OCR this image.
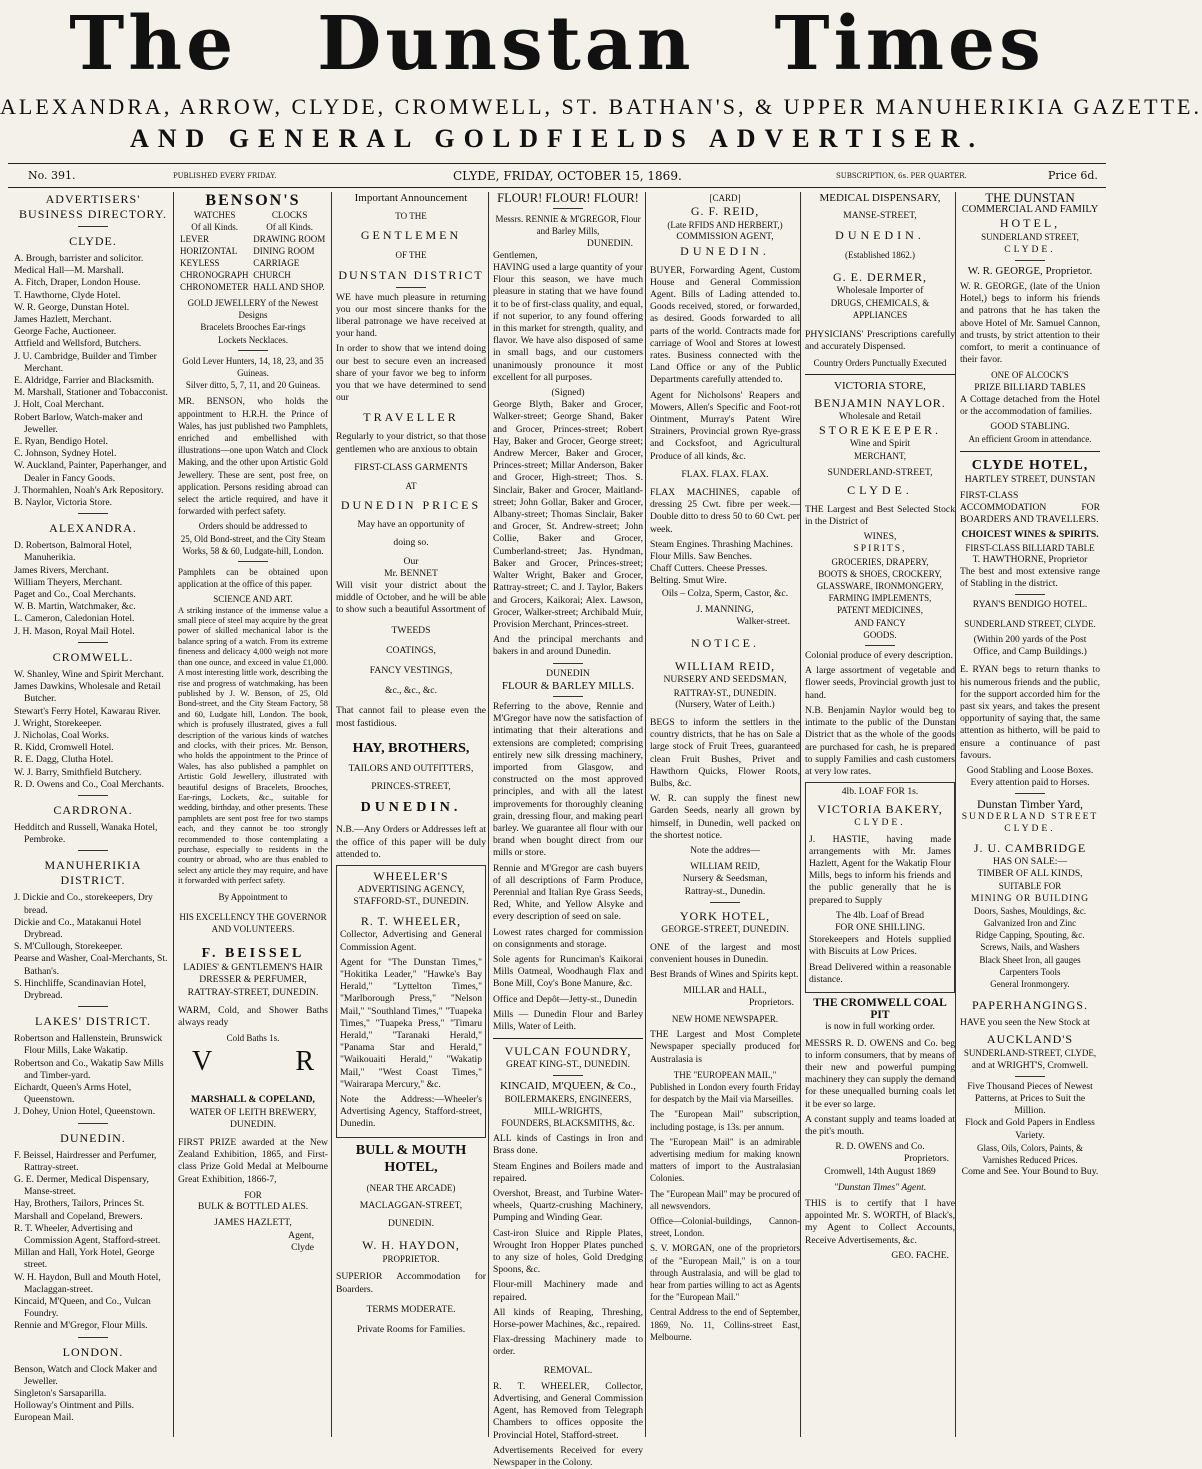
The Dunstan Times
ALEXANDRA, ARROW, CLYDE, CROMWELL, ST. BATHAN'S, & UPPER MANUHERIKIA GAZETTE.
AND GENERAL GOLDFIELDS ADVERTISER.
No. 391.	PUBLISHED EVERY FRIDAY.	CLYDE, FRIDAY, OCTOBER 15, 1869.	SUBSCRIPTION, 6s. PER QUARTER.	Price 6d.
ADVERTISERS'
BUSINESS DIRECTORY.
CLYDE.
A. Brough, barrister and solicitor.
Medical Hall—M. Marshall.
A. Fitch, Draper, London House.
T. Hawthorne, Clyde Hotel.
W. R. George, Dunstan Hotel.
James Hazlett, Merchant.
George Fache, Auctioneer.
Attfield and Wellsford, Butchers.
J. U. Cambridge, Builder and Timber Merchant.
E. Aldridge, Farrier and Blacksmith.
M. Marshall, Stationer and Tobacconist.
J. Holt, Coal Merchant.
Robert Barlow, Watch-maker and Jeweller.
E. Ryan, Bendigo Hotel.
C. Johnson, Sydney Hotel.
W. Auckland, Painter, Paperhanger, and Dealer in Fancy Goods.
J. Thormahlen, Noah's Ark Repository.
B. Naylor, Victoria Store.
ALEXANDRA.
D. Robertson, Balmoral Hotel, Manuherikia.
James Rivers, Merchant.
William Theyers, Merchant.
Paget and Co., Coal Merchants.
W. B. Martin, Watchmaker, &c.
L. Cameron, Caledonian Hotel.
J. H. Mason, Royal Mail Hotel.
CROMWELL.
W. Shanley, Wine and Spirit Merchant.
James Dawkins, Wholesale and Retail Butcher.
Stewart's Ferry Hotel, Kawarau River.
J. Wright, Storekeeper.
J. Nicholas, Coal Works.
R. Kidd, Cromwell Hotel.
R. E. Dagg, Clutha Hotel.
W. J. Barry, Smithfield Butchery.
R. D. Owens and Co., Coal Merchants.
CARDRONA.
Hedditch and Russell, Wanaka Hotel, Pembroke.
MANUHERIKIA DISTRICT.
J. Dickie and Co., storekeepers, Dry bread.
Dickie and Co., Matakanui Hotel Drybread.
S. M'Cullough, Storekeeper.
Pearse and Washer, Coal-Merchants, St. Bathan's.
S. Hinchliffe, Scandinavian Hotel, Drybread.
LAKES' DISTRICT.
Robertson and Hallenstein, Brunswick Flour Mills, Lake Wakatip.
Robertson and Co., Wakatip Saw Mills and Timber-yard.
Eichardt, Queen's Arms Hotel, Queenstown.
J. Dohey, Union Hotel, Queenstown.
DUNEDIN.
F. Beissel, Hairdresser and Perfumer, Rattray-street.
G. E. Dermer, Medical Dispensary, Manse-street.
Hay, Brothers, Tailors, Princes St.
Marshall and Copeland, Brewers.
R. T. Wheeler, Advertising and Commission Agent, Stafford-street.
Millan and Hall, York Hotel, George street.
W. H. Haydon, Bull and Mouth Hotel, Maclaggan-street.
Kincaid, M'Queen, and Co., Vulcan Foundry.
Rennie and M'Gregor, Flour Mills.
LONDON.
Benson, Watch and Clock Maker and Jeweller.
Singleton's Sarsaparilla.
Holloway's Ointment and Pills.
European Mail.
BENSON'S
WATCHES	CLOCKS
Of all Kinds.	Of all Kinds.
LEVER	DRAWING ROOM
HORIZONTAL	DINING ROOM
KEYLESS	CARRIAGE
CHRONOGRAPH	CHURCH
CHRONOMETER	HALL AND SHOP.
GOLD JEWELLERY of the Newest Designs
Bracelets Brooches Ear-rings
Lockets Necklaces.
Gold Lever Hunters, 14, 18, 23, and 35 Guineas.
Silver ditto, 5, 7, 11, and 20 Guineas.

MR. BENSON, who holds the appointment to H.R.H. the Prince of Wales, has just published two Pamphlets, enriched and embellished with illustrations—one upon Watch and Clock Making, and the other upon Artistic Gold Jewellery. These are sent, post free, on application. Persons residing abroad can select the article required, and have it forwarded with perfect safety.

Orders should be addressed to
25, Old Bond-street, and the City Steam Works, 58 & 60, Ludgate-hill, London.

Pamphlets can be obtained upon application at the office of this paper.

SCIENCE AND ART.

A striking instance of the immense value a small piece of steel may acquire by the great power of skilled mechanical labor is the balance spring of a watch. From its extreme fineness and delicacy 4,000 weigh not more than one ounce, and exceed in value £1,000. A most interesting little work, describing the rise and progress of watchmaking, has been published by J. W. Benson, of 25, Old Bond-street, and the City Steam Factory, 58 and 60, Ludgate hill, London. The book, which is profusely illustrated, gives a full description of the various kinds of watches and clocks, with their prices. Mr. Benson, who holds the appointment to the Prince of Wales, has also published a pamphlet on Artistic Gold Jewellery, illustrated with beautiful designs of Bracelets, Brooches, Ear-rings, Lockets, &c., suitable for wedding, birthday, and other presents. These pamphlets are sent post free for two stamps each, and they cannot be too strongly recommended to those contemplating a purchase, especially to residents in the country or abroad, who are thus enabled to select any article they may require, and have it forwarded with perfect safety.

By Appointment to
HIS EXCELLENCY THE GOVERNOR
AND VOLUNTEERS.
F. BEISSEL
LADIES' & GENTLEMEN'S HAIR
DRESSER & PERFUMER,
RATTRAY-STREET, DUNEDIN.

WARM, Cold, and Shower Baths always ready

Cold Baths 1s.
V	R
MARSHALL & COPELAND,
WATER OF LEITH BREWERY,
DUNEDIN.

FIRST PRIZE awarded at the New Zealand Exhibition, 1865, and First-class Prize Gold Medal at Melbourne Great Exhibition, 1866-7,

FOR
BULK & BOTTLED ALES.
JAMES HAZLETT,
Agent,
Clyde
Important Announcement
TO THE
GENTLEMEN
OF THE
DUNSTAN DISTRICT

WE have much pleasure in returning you our most sincere thanks for the liberal patronage we have received at your hand.

In order to show that we intend doing our best to secure even an increased share of your favor we beg to inform you that we have determined to send our

TRAVELLER

Regularly to your district, so that those gentlemen who are anxious to obtain

FIRST-CLASS GARMENTS
AT
DUNEDIN PRICES
May have an opportunity of
doing so.
Our
Mr. BENNET

Will visit your district about the middle of October, and he will be able to show such a beautiful Assortment of

TWEEDS
COATINGS,
FANCY VESTINGS,
&c., &c., &c.

That cannot fail to please even the most fastidious.

HAY, BROTHERS,
TAILORS AND OUTFITTERS,
PRINCES-STREET,
DUNEDIN.

N.B.—Any Orders or Addresses left at the office of this paper will be duly attended to.

WHEELER'S
ADVERTISING AGENCY,
STAFFORD-ST., DUNEDIN.
R. T. WHEELER,

Collector, Advertising and General Commission Agent.

Agent for "The Dunstan Times," "Hokitika Leader," "Hawke's Bay Herald," "Lyttelton Times," "Marlborough Press," "Nelson Mail," "Southland Times," "Tuapeka Times," "Tuapeka Press," "Timaru Herald," "Taranaki Herald," "Panama Star and Herald," "Waikouaiti Herald," "Wakatip Mail," "West Coast Times," "Wairarapa Mercury," &c.

Note the Address:—Wheeler's Advertising Agency, Stafford-street, Dunedin.

BULL & MOUTH HOTEL,
(NEAR THE ARCADE)
MACLAGGAN-STREET,
DUNEDIN.
W. H. HAYDON,
PROPRIETOR.

SUPERIOR Accommodation for Boarders.

TERMS MODERATE.
Private Rooms for Families.
FLOUR! FLOUR! FLOUR!
Messrs. RENNIE & M'GREGOR, Flour and Barley Mills,
DUNEDIN.
Gentlemen,

HAVING used a large quantity of your Flour this season, we have much pleasure in stating that we have found it to be of first-class quality, and equal, if not superior, to any found offering in this market for strength, quality, and flavor. We have also disposed of same in small bags, and our customers unanimously pronounce it most excellent for all purposes.

(Signed)

George Blyth, Baker and Grocer, Walker-street; George Shand, Baker and Grocer, Princes-street; Robert Hay, Baker and Grocer, George street; Andrew Mercer, Baker and Grocer, Princes-street; Millar Anderson, Baker and Grocer, High-street; Thos. S. Sinclair, Baker and Grocer, Maitland-street; John Gollar, Baker and Grocer, Albany-street; Thomas Sinclair, Baker and Grocer, St. Andrew-street; John Collie, Baker and Grocer, Cumberland-street; Jas. Hyndman, Baker and Grocer, Princes-street; Walter Wright, Baker and Grocer, Rattray-street; C. and J. Taylor, Bakers and Grocers, Kaikorai; Alex. Lawson, Grocer, Walker-street; Archibald Muir, Provision Merchant, Princes-street.

And the principal merchants and bakers in and around Dunedin.

DUNEDIN
FLOUR & BARLEY MILLS.

Referring to the above, Rennie and M'Gregor have now the satisfaction of intimating that their alterations and extensions are completed; comprising entirely new silk dressing machinery, imported from Glasgow, and constructed on the most approved principles, and with all the latest improvements for thoroughly cleaning grain, dressing flour, and making pearl barley. We guarantee all flour with our brand when bought direct from our mills or store.

Rennie and M'Gregor are cash buyers of all descriptions of Farm Produce, Perennial and Italian Rye Grass Seeds, Red, White, and Yellow Alsyke and every description of seed on sale.

Lowest rates charged for commission on consignments and storage.

Sole agents for Runciman's Kaikorai Mills Oatmeal, Woodhaugh Flax and Bone Mill, Coy's Bone Manure, &c.

Office and Depôt—Jetty-st., Dunedin

Mills — Dunedin Flour and Barley Mills, Water of Leith.

VULCAN FOUNDRY,
GREAT KING-ST., DUNEDIN.
KINCAID, M'QUEEN, & Co.,
BOILERMAKERS, ENGINEERS, MILL-WRIGHTS,
FOUNDERS, BLACKSMITHS, &c.

ALL kinds of Castings in Iron and Brass done.

Steam Engines and Boilers made and repaired.

Overshot, Breast, and Turbine Water-wheels, Quartz-crushing Machinery, Pumping and Winding Gear.

Cast-iron Sluice and Ripple Plates, Wrought Iron Hopper Plates punched to any size of holes, Gold Dredging Spoons, &c.

Flour-mill Machinery made and repaired.

All kinds of Reaping, Threshing, Horse-power Machines, &c., repaired.

Flax-dressing Machinery made to order.

REMOVAL.

R. T. WHEELER, Collector, Advertising, and General Commission Agent, has Removed from Telegraph Chambers to offices opposite the Provincial Hotel, Stafford-street.

Advertisements Received for every Newspaper in the Colony.

[CARD]
G. F. REID,
(Late RFIDS AND HERBERT,)
COMMISSION AGENT,
DUNEDIN.

BUYER, Forwarding Agent, Custom House and General Commission Agent. Bills of Lading attended to. Goods received, stored, or forwarded, as desired. Goods forwarded to all parts of the world. Contracts made for carriage of Wool and Stores at lowest rates. Business connected with the Land Office or any of the Public Departments carefully attended to.

Agent for Nicholsons' Reapers and Mowers, Allen's Specific and Foot-rot Ointment, Murray's Patent Wire Strainers, Provincial grown Rye-grass and Cocksfoot, and Agricultural Produce of all kinds, &c.

FLAX. FLAX. FLAX.

FLAX MACHINES, capable of dressing 25 Cwt. fibre per week.—Double ditto to dress 50 to 60 Cwt. per week.

Steam Engines. Thrashing Machines.
Flour Mills. Saw Benches.
Chaff Cutters. Cheese Presses.
Belting. Smut Wire.
Oils – Colza, Sperm, Castor, &c.
J. MANNING,
Walker-street.
NOTICE.
WILLIAM REID,
NURSERY AND SEEDSMAN,
RATTRAY-ST., DUNEDIN.
(Nursery, Water of Leith.)

BEGS to inform the settlers in the country districts, that he has on Sale a large stock of Fruit Trees, guaranteed clean Fruit Bushes, Privet and Hawthorn Quicks, Flower Roots, Bulbs, &c.

W. R. can supply the finest new Garden Seeds, nearly all grown by himself, in Dunedin, well packed on the shortest notice.

Note the addres—
WILLIAM REID,
Nursery & Seedsman,
Rattray-st., Dunedin.
YORK HOTEL,
GEORGE-STREET, DUNEDIN.

ONE of the largest and most convenient houses in Dunedin.

Best Brands of Wines and Spirits kept.

MILLAR and HALL,
Proprietors.
NEW HOME NEWSPAPER.

THE Largest and Most Complete Newspaper specially produced for Australasia is

THE "EUROPEAN MAIL,"

Published in London every fourth Friday for despatch by the Mail via Marseilles.

The "European Mail" subscription, including postage, is 13s. per annum.

The "European Mail" is an admirable advertising medium for making known matters of import to the Australasian Colonies.

The "European Mail" may be procured of all newsvendors.

Office—Colonial-buildings, Cannon-street, London.

S. V. MORGAN, one of the proprietors of the "European Mail," is on a tour through Australasia, and will be glad to hear from parties willing to act as Agents for the "European Mail."

Central Address to the end of September, 1869, No. 11, Collins-street East, Melbourne.

MEDICAL DISPENSARY,
MANSE-STREET,
DUNEDIN.
(Established 1862.)
G. E. DERMER,
Wholesale Importer of
DRUGS, CHEMICALS, & APPLIANCES

PHYSICIANS' Prescriptions carefully and accurately Dispensed.

Country Orders Punctually Executed
VICTORIA STORE,
BENJAMIN NAYLOR.
Wholesale and Retail
STOREKEEPER.
Wine and Spirit
MERCHANT,
SUNDERLAND-STREET,
CLYDE.

THE Largest and Best Selected Stock in the District of

WINES,
SPIRITS,
GROCERIES, DRAPERY,
BOOTS & SHOES, CROCKERY,
GLASSWARE, IRONMONGERY,
FARMING IMPLEMENTS,
PATENT MEDICINES,
AND FANCY
GOODS.

Colonial produce of every description.

A large assortment of vegetable and flower seeds, Provincial growth just to hand.

N.B. Benjamin Naylor would beg to intimate to the public of the Dunstan District that as the whole of the goods are purchased for cash, he is prepared to supply Families and cash customers at very low rates.

4lb. LOAF FOR 1s.
VICTORIA BAKERY,
CLYDE.

J. HASTIE, having made arrangements with Mr. James Hazlett, Agent for the Wakatip Flour Mills, begs to inform his friends and the public generally that he is prepared to Supply

The 4lb. Loaf of Bread
FOR ONE SHILLING.

Storekeepers and Hotels supplied with Biscuits at Low Prices.

Bread Delivered within a reasonable distance.

THE CROMWELL COAL PIT
is now in full working order.

MESSRS R. D. OWENS and Co. beg to inform consumers, that by means of their new and powerful pumping machinery they can supply the demand for these unequalled burning coals let it be ever so large.

A constant supply and teams loaded at the pit's mouth.

R. D. OWENS and Co.
Proprietors.
Cromwell, 14th August 1869
"Dunstan Times" Agent.

THIS is to certify that I have appointed Mr. S. WORTH, of Black's, my Agent to Collect Accounts, Receive Advertisements, &c.

GEO. FACHE.
THE DUNSTAN
COMMERCIAL AND FAMILY
HOTEL,
SUNDERLAND STREET,
CLYDE.
W. R. GEORGE, Proprietor.

W. R. GEORGE, (late of the Union Hotel,) begs to inform his friends and patrons that he has taken the above Hotel of Mr. Samuel Cannon, and trusts, by strict attention to their comfort, to merit a continuance of their favor.

ONE OF ALCOCK'S
PRIZE BILLIARD TABLES

A Cottage detached from the Hotel or the accommodation of families.

GOOD STABLING.
An efficient Groom in attendance.
CLYDE HOTEL,
HARTLEY STREET, DUNSTAN

FIRST-CLASS ACCOMMODATION FOR BOARDERS AND TRAVELLERS.

CHOICEST WINES & SPIRITS.
FIRST-CLASS BILLIARD TABLE
T. HAWTHORNE, Proprietor

The best and most extensive range of Stabling in the district.

RYAN'S BENDIGO HOTEL.
SUNDERLAND STREET, CLYDE.
(Within 200 yards of the Post Office, and Camp Buildings.)

E. RYAN begs to return thanks to his numerous friends and the public, for the support accorded him for the past six years, and takes the present opportunity of saying that, the same attention as hitherto, will be paid to ensure a continuance of past favours.

Good Stabling and Loose Boxes.
Every attention paid to Horses.
Dunstan Timber Yard,
SUNDERLAND STREET
CLYDE.
J. U. CAMBRIDGE
HAS ON SALE:—
TIMBER OF ALL KINDS,
SUITABLE FOR
MINING OR BUILDING
Doors, Sashes, Mouldings, &c.
Galvanized Iron and Zinc
Ridge Capping, Spouting, &c.
Screws, Nails, and Washers
Black Sheet Iron, all gauges
Carpenters Tools
General Ironmongery.
PAPERHANGINGS.

HAVE you seen the New Stock at

AUCKLAND'S
SUNDERLAND-STREET, CLYDE,
and at WRIGHT'S, Cromwell.
Five Thousand Pieces of Newest Patterns, at Prices to Suit the Million.
Flock and Gold Papers in Endless Variety.
Glass, Oils, Colors, Paints, & Varnishes Reduced Prices.
Come and See. Your Bound to Buy.
